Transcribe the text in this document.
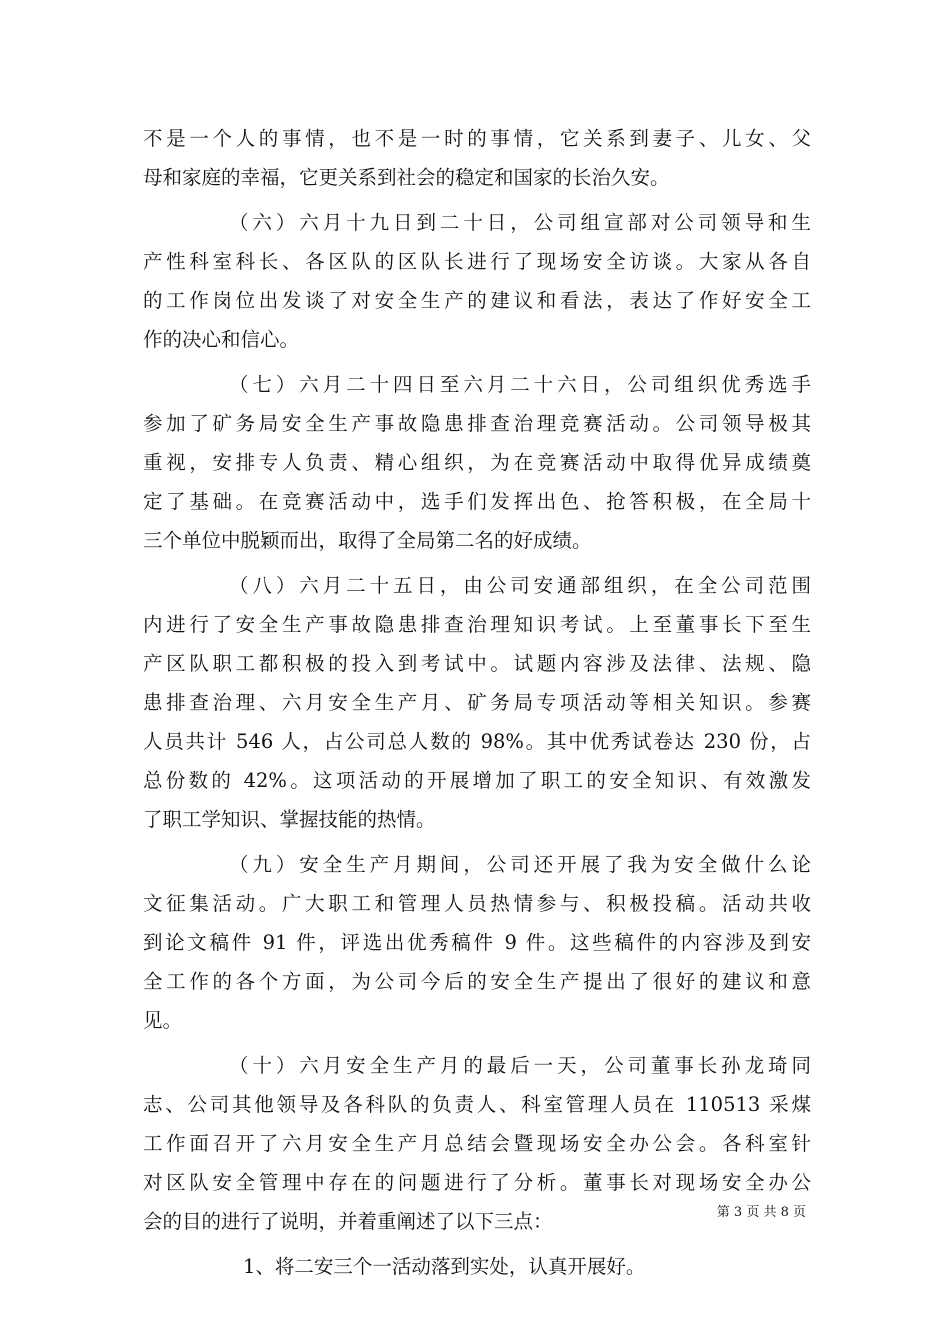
不是一个人的事情，也不是一时的事情，它关系到妻子、儿女、父
母和家庭的幸福，它更关系到社会的稳定和国家的长治久安。
（六）六月十九日到二十日，公司组宣部对公司领导和生
产性科室科长、各区队的区队长进行了现场安全访谈。大家从各自
的工作岗位出发谈了对安全生产的建议和看法，表达了作好安全工
作的决心和信心。
（七）六月二十四日至六月二十六日，公司组织优秀选手
参加了矿务局安全生产事故隐患排查治理竞赛活动。公司领导极其
重视，安排专人负责、精心组织，为在竞赛活动中取得优异成绩奠
定了基础。在竞赛活动中，选手们发挥出色、抢答积极，在全局十
三个单位中脱颖而出，取得了全局第二名的好成绩。
（八）六月二十五日，由公司安通部组织，在全公司范围
内进行了安全生产事故隐患排查治理知识考试。上至董事长下至生
产区队职工都积极的投入到考试中。试题内容涉及法律、法规、隐
患排查治理、六月安全生产月、矿务局专项活动等相关知识。参赛
人员共计 546 人，占公司总人数的 98%。其中优秀试卷达 230 份，占
总份数的 42%。这项活动的开展增加了职工的安全知识、有效激发
了职工学知识、掌握技能的热情。
（九）安全生产月期间，公司还开展了我为安全做什么论
文征集活动。广大职工和管理人员热情参与、积极投稿。活动共收
到论文稿件 91 件，评选出优秀稿件 9 件。这些稿件的内容涉及到安
全工作的各个方面，为公司今后的安全生产提出了很好的建议和意
见。
（十）六月安全生产月的最后一天，公司董事长孙龙琦同
志、公司其他领导及各科队的负责人、科室管理人员在 110513 采煤
工作面召开了六月安全生产月总结会暨现场安全办公会。各科室针
对区队安全管理中存在的问题进行了分析。董事长对现场安全办公
会的目的进行了说明，并着重阐述了以下三点：
1、将二安三个一活动落到实处，认真开展好。
第 3 页 共 8 页
